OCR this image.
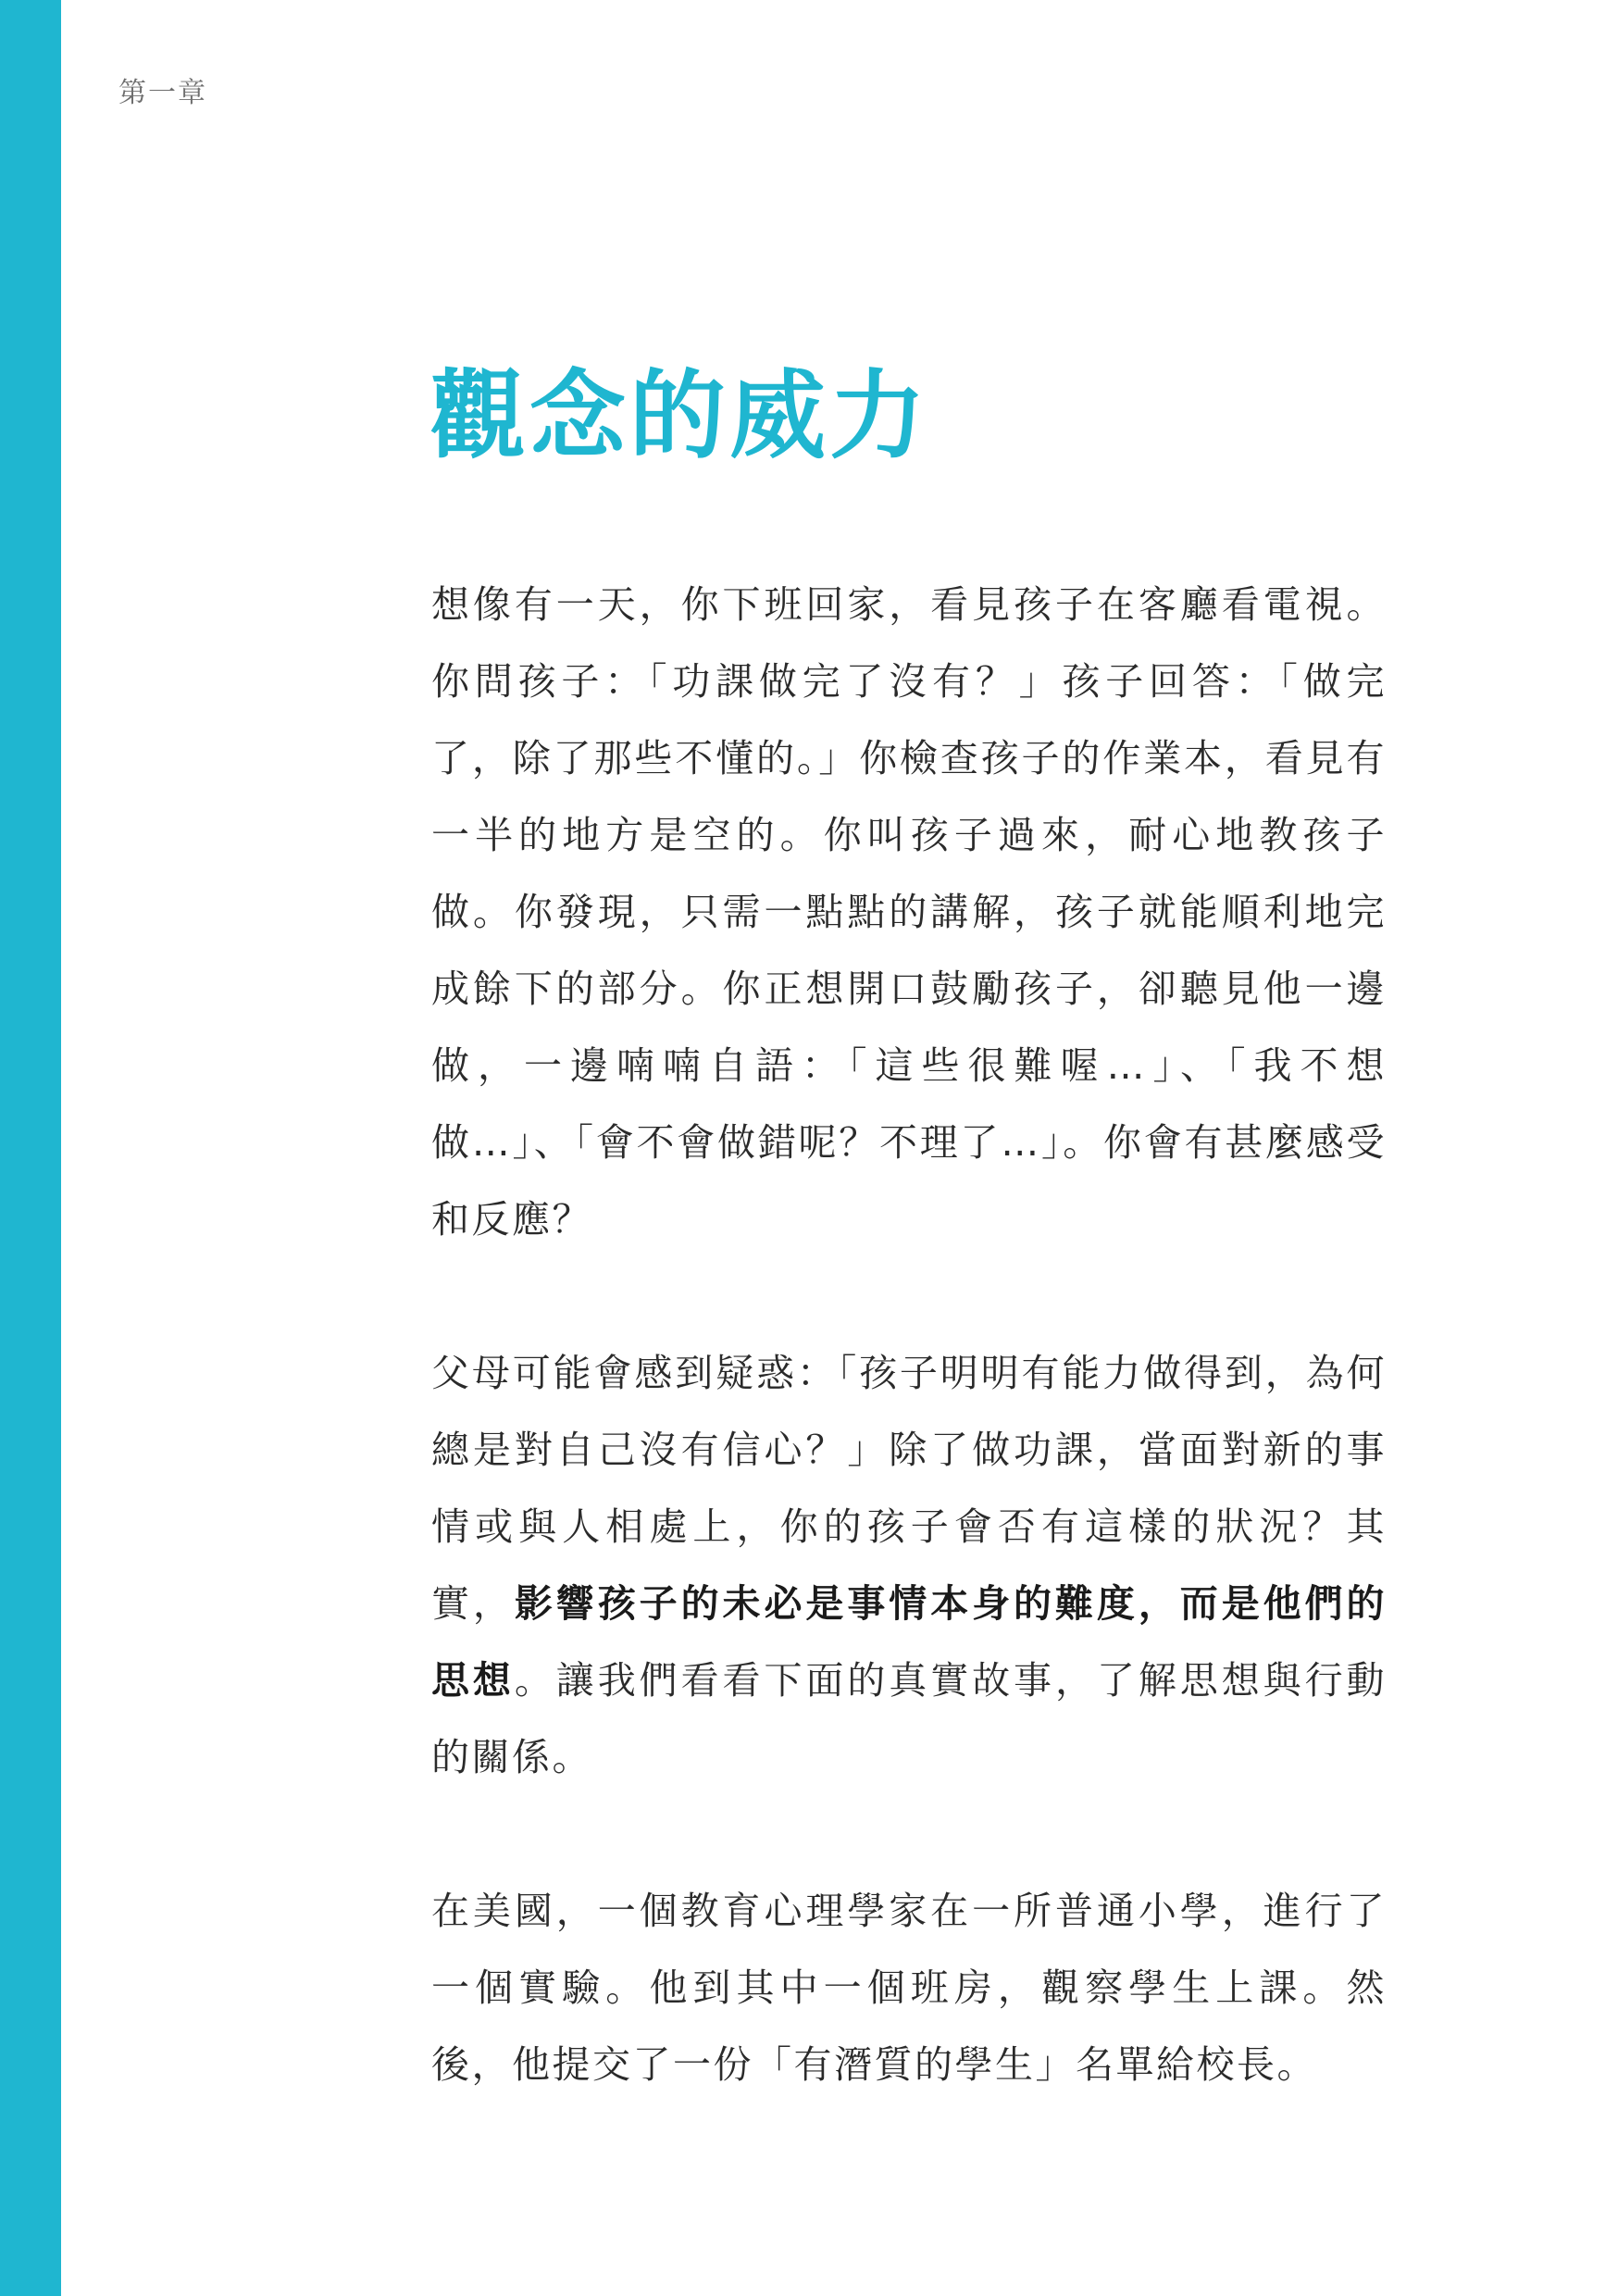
第一章
觀念的威力

想像有一天，你下班回家，看見孩子在客廳看電視。你問孩子：「功課做完了沒有？」孩子回答：「做完了，除了那些不懂的。」你檢查孩子的作業本，看見有一半的地方是空的。你叫孩子過來，耐心地教孩子做。你發現，只需一點點的講解，孩子就能順利地完成餘下的部分。你正想開口鼓勵孩子，卻聽見他一邊做，一邊喃喃自語：「這些很難喔…」、「我不想做…」、「會不會做錯呢？不理了…」。你會有甚麼感受和反應？

父母可能會感到疑惑：「孩子明明有能力做得到，為何總是對自己沒有信心？」除了做功課，當面對新的事情或與人相處上，你的孩子會否有這樣的狀況？其實，影響孩子的未必是事情本身的難度，而是他們的思想。讓我們看看下面的真實故事，了解思想與行動的關係。

在美國，一個教育心理學家在一所普通小學，進行了一個實驗。他到其中一個班房，觀察學生上課。然後，他提交了一份「有潛質的學生」名單給校長。
